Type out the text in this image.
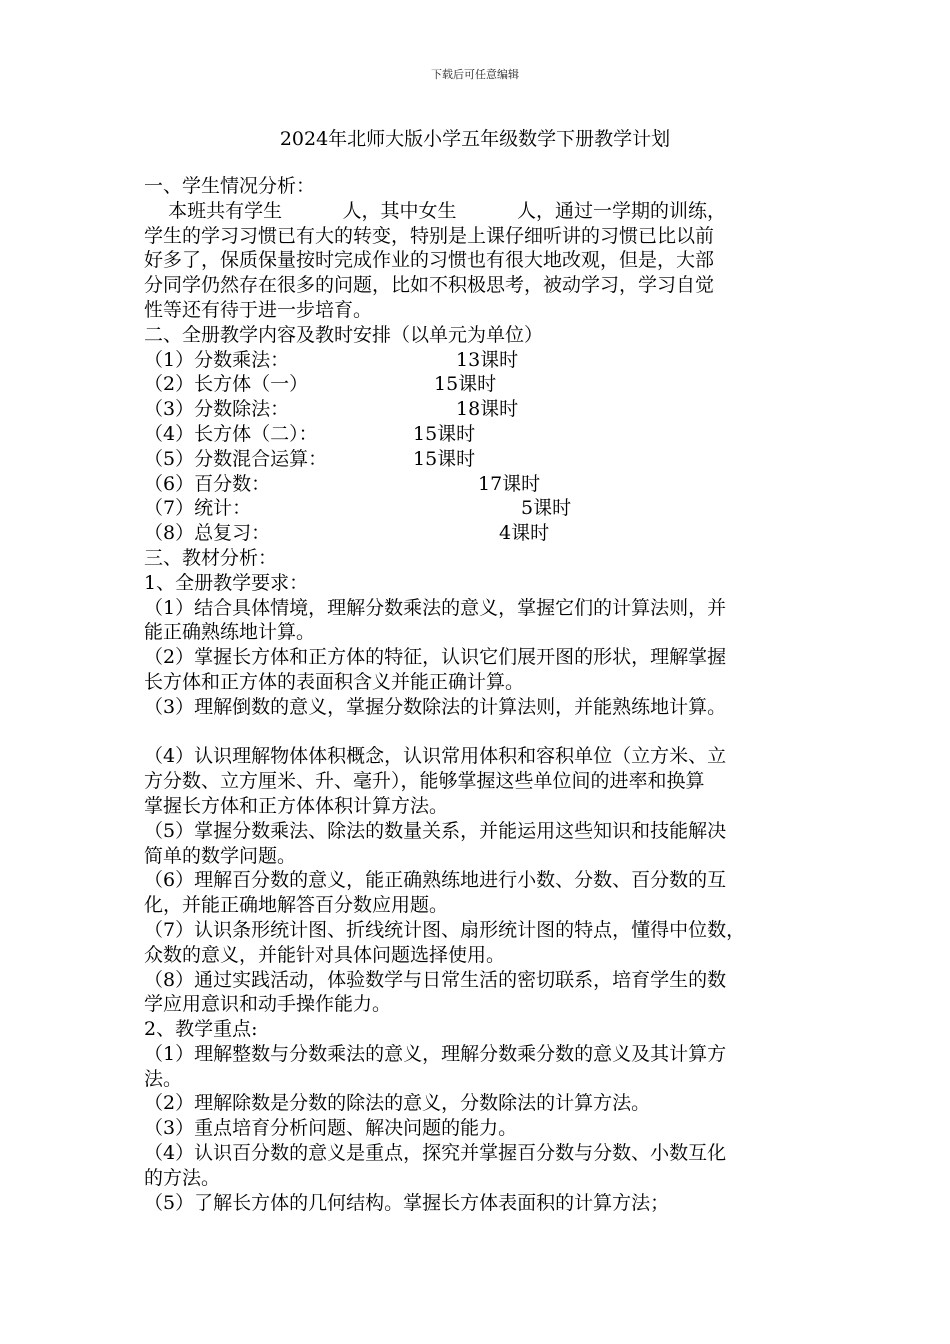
下载后可任意编辑
2024年北师大版小学五年级数学下册教学计划
一、学生情况分析：
本班共有学生          人，其中女生          人，通过一学期的训练，
学生的学习习惯已有大的转变，特别是上课仔细听讲的习惯已比以前
好多了，保质保量按时完成作业的习惯也有很大地改观，但是，大部
分同学仍然存在很多的问题，比如不积极思考，被动学习，学习自觉
性等还有待于进一步培育。
二、全册教学内容及教时安排（以单元为单位）
（1）分数乘法：	13课时
（2）长方体（一）	15课时
（3）分数除法：	18课时
（4）长方体（二）：	15课时
（5）分数混合运算：	15课时
（6）百分数：	17课时
（7）统计：	5课时
（8）总复习：	4课时
三、教材分析：
1、全册教学要求：
（1）结合具体情境，理解分数乘法的意义，掌握它们的计算法则，并
能正确熟练地计算。
（2）掌握长方体和正方体的特征，认识它们展开图的形状，理解掌握
长方体和正方体的表面积含义并能正确计算。
（3）理解倒数的意义，掌握分数除法的计算法则，并能熟练地计算。
（4）认识理解物体体积概念，认识常用体积和容积单位（立方米、立
方分数、立方厘米、升、毫升），能够掌握这些单位间的进率和换算
掌握长方体和正方体体积计算方法。
（5）掌握分数乘法、除法的数量关系，并能运用这些知识和技能解决
简单的数学问题。
（6）理解百分数的意义，能正确熟练地进行小数、分数、百分数的互
化，并能正确地解答百分数应用题。
（7）认识条形统计图、折线统计图、扇形统计图的特点，懂得中位数，
众数的意义，并能针对具体问题选择使用。
（8）通过实践活动，体验数学与日常生活的密切联系，培育学生的数
学应用意识和动手操作能力。
2、教学重点:
（1）理解整数与分数乘法的意义，理解分数乘分数的意义及其计算方
法。
（2）理解除数是分数的除法的意义，分数除法的计算方法。
（3）重点培育分析问题、解决问题的能力。
（4）认识百分数的意义是重点，探究并掌握百分数与分数、小数互化
的方法。
（5）了解长方体的几何结构。掌握长方体表面积的计算方法；
